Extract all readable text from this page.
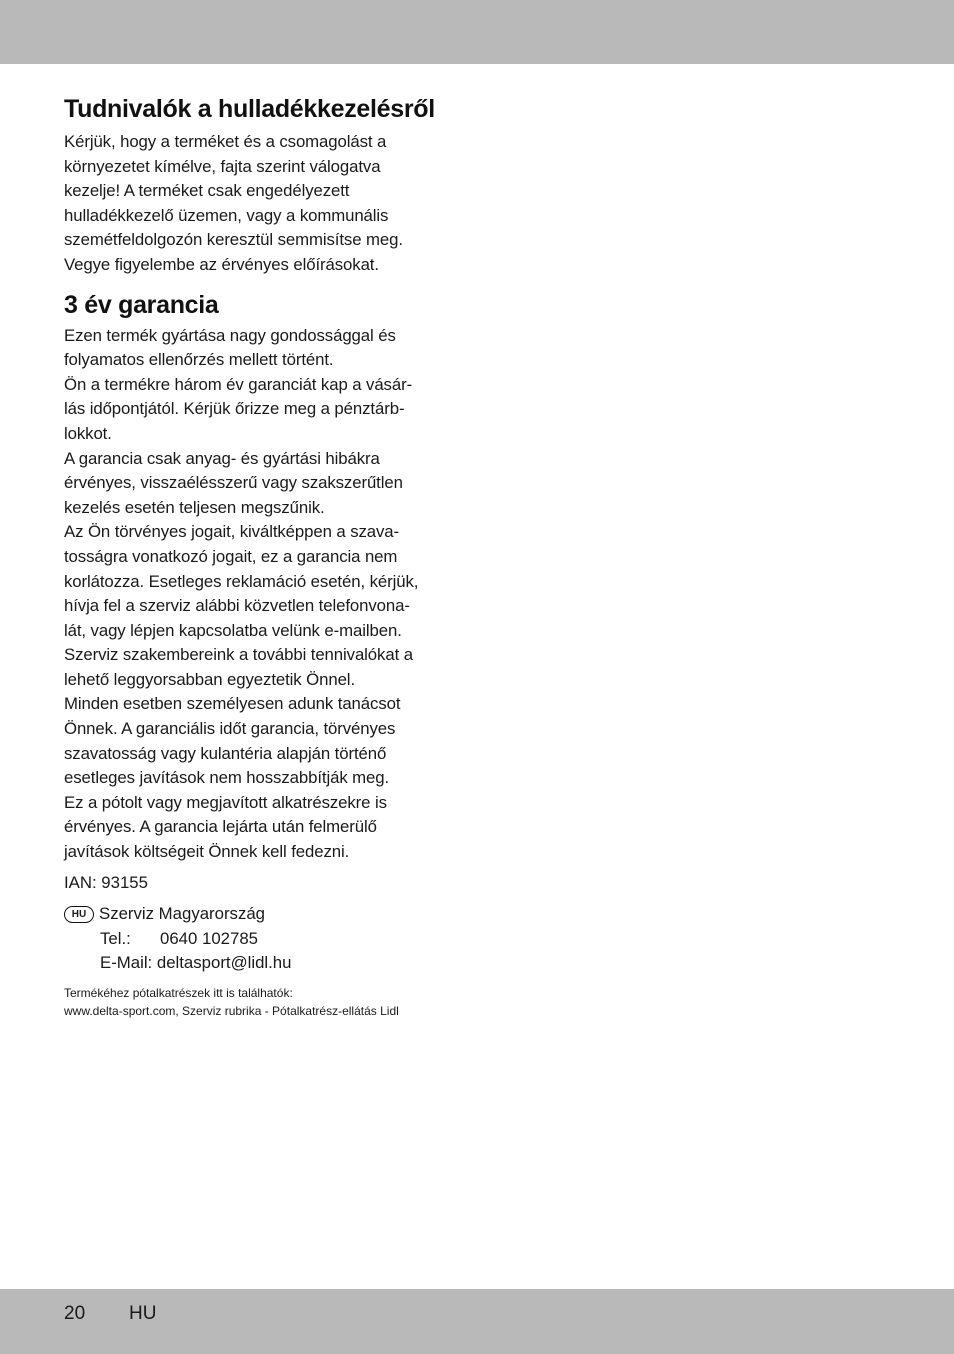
Tudnivalók a hulladékkezelésről
Kérjük, hogy a terméket és a csomagolást a
környezetet kímélve, fajta szerint válogatva
kezelje! A terméket csak engedélyezett
hulladékkezelő üzemen, vagy a kommunális
szemétfeldolgozón keresztül semmisítse meg.
Vegye figyelembe az érvényes előírásokat.
3 év garancia
Ezen termék gyártása nagy gondossággal és
folyamatos ellenőrzés mellett történt.
Ön a termékre három év garanciát kap a vásár-
lás időpontjától. Kérjük őrizze meg a pénztárb-
lokkot.
A garancia csak anyag- és gyártási hibákra
érvényes, visszaélésszerű vagy szakszerűtlen
kezelés esetén teljesen megszűnik.
Az Ön törvényes jogait, kiváltképpen a szava-
tosságra vonatkozó jogait, ez a garancia nem
korlátozza. Esetleges reklamáció esetén, kérjük,
hívja fel a szerviz alábbi közvetlen telefonvona-
lát, vagy lépjen kapcsolatba velünk e-mailben.
Szerviz szakembereink a további tennivalókat a
lehető leggyorsabban egyeztetik Önnel.
Minden esetben személyesen adunk tanácsot
Önnek. A garanciális időt garancia, törvényes
szavatosság vagy kulantéria alapján történő
esetleges javítások nem hosszabbítják meg.
Ez a pótolt vagy megjavított alkatrészekre is
érvényes. A garancia lejárta után felmerülő
javítások költségeit Önnek kell fedezni.
IAN: 93155
HU Szerviz Magyarország
Tel.: 0640 102785
E-Mail: deltasport@lidl.hu
Termékéhez pótalkatrészek itt is találhatók:
www.delta-sport.com, Szerviz rubrika - Pótalkatrész-ellátás Lidl
20 HU
